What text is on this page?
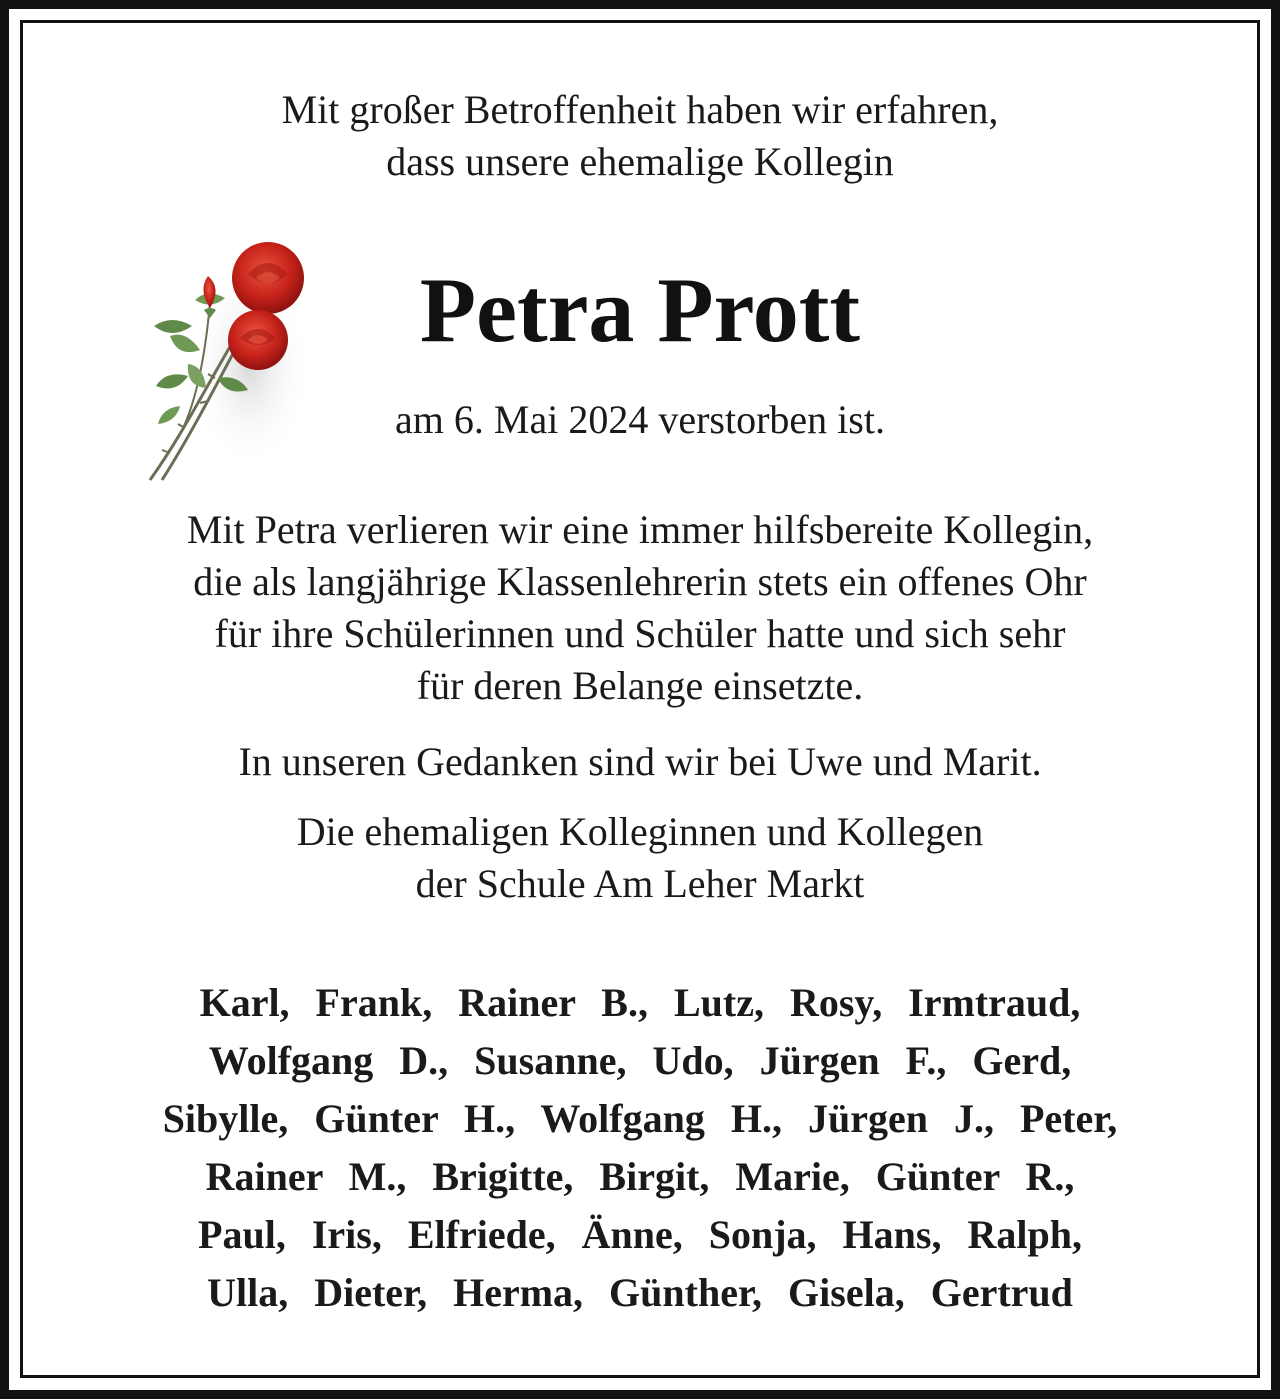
Mit großer Betroffenheit haben wir erfahren,
dass unsere ehemalige Kollegin
Petra Prott
am 6. Mai 2024 verstorben ist.
Mit Petra verlieren wir eine immer hilfsbereite Kollegin,
die als langjährige Klassenlehrerin stets ein offenes Ohr
für ihre Schülerinnen und Schüler hatte und sich sehr
für deren Belange einsetzte.
In unseren Gedanken sind wir bei Uwe und Marit.
Die ehemaligen Kolleginnen und Kollegen
der Schule Am Leher Markt
Karl, Frank, Rainer B., Lutz, Rosy, Irmtraud,
Wolfgang D., Susanne, Udo, Jürgen F., Gerd,
Sibylle, Günter H., Wolfgang H., Jürgen J., Peter,
Rainer M., Brigitte, Birgit, Marie, Günter R.,
Paul, Iris, Elfriede, Änne, Sonja, Hans, Ralph,
Ulla, Dieter, Herma, Günther, Gisela, Gertrud
